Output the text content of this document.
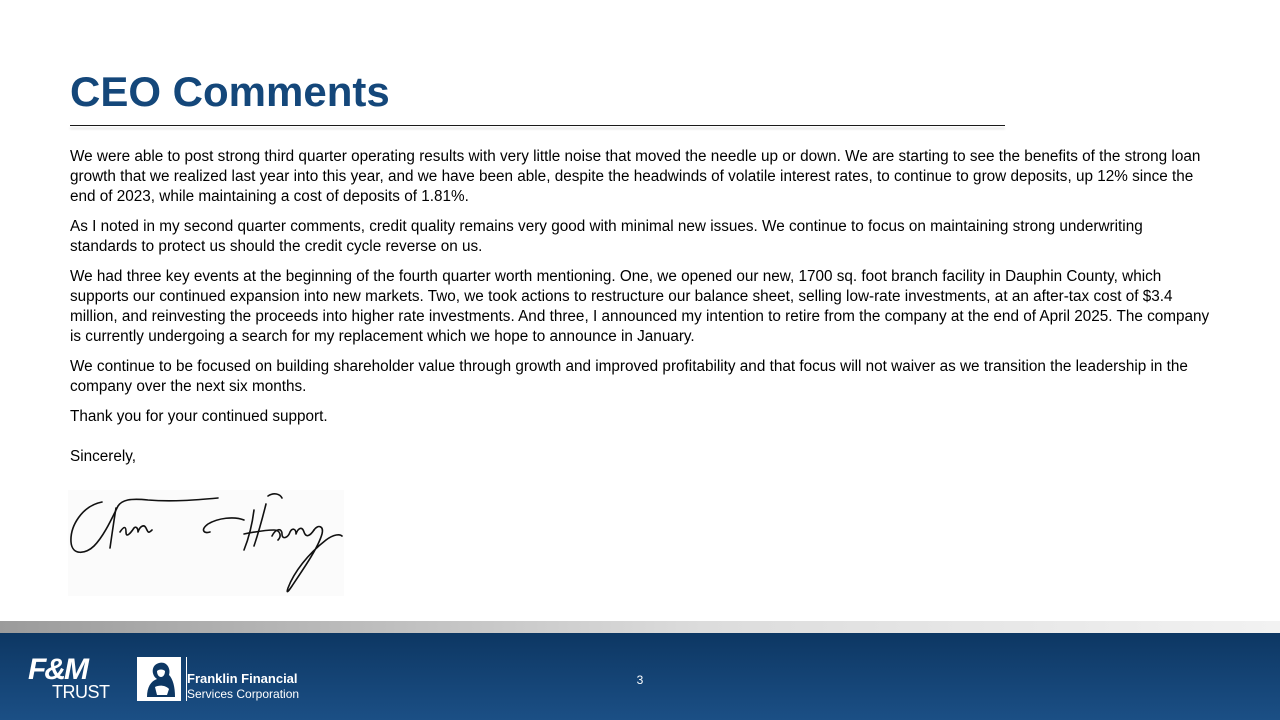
CEO Comments

We were able to post strong third quarter operating results with very little noise that moved the needle up or down. We are starting to see the benefits of the strong loan growth that we realized last year into this year, and we have been able, despite the headwinds of volatile interest rates, to continue to grow deposits, up 12% since the end of 2023, while maintaining a cost of deposits of 1.81%.

As I noted in my second quarter comments, credit quality remains very good with minimal new issues. We continue to focus on maintaining strong underwriting standards to protect us should the credit cycle reverse on us.

We had three key events at the beginning of the fourth quarter worth mentioning. One, we opened our new, 1700 sq. foot branch facility in Dauphin County, which supports our continued expansion into new markets. Two, we took actions to restructure our balance sheet, selling low-rate investments, at an after-tax cost of $3.4 million, and reinvesting the proceeds into higher rate investments. And three, I announced my intention to retire from the company at the end of April 2025. The company is currently undergoing a search for my replacement which we hope to announce in January.

We continue to be focused on building shareholder value through growth and improved profitability and that focus will not waiver as we transition the leadership in the company over the next six months.

Thank you for your continued support.

Sincerely,

F&M
TRUST
Franklin Financial
Services Corporation
3
